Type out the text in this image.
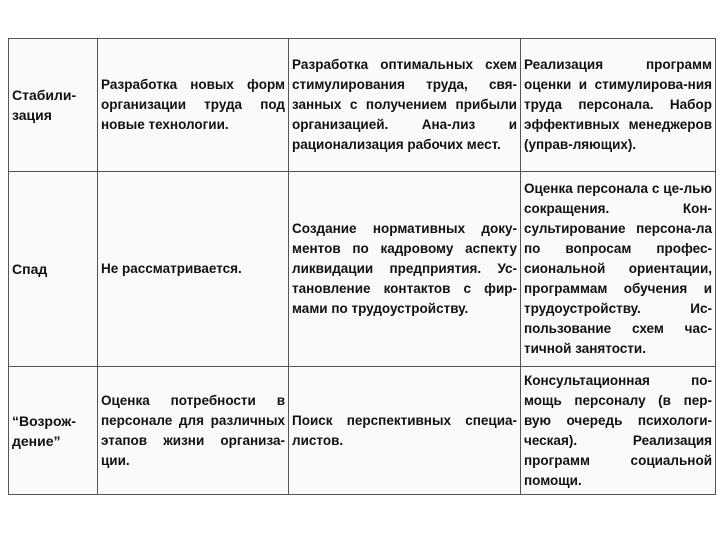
Стабили-
зация	Разработка новых форм организации труда под новые технологии.	Разработка оптимальных схем стимулирования труда, свя-занных с получением прибыли организацией. Ана-лиз и рационализация рабочих мест.	Реализация программ оценки и стимулирова-ния труда персонала. Набор эффективных менеджеров (управ-ляющих).
Спад	Не рассматривается.	Создание нормативных доку-ментов по кадровому аспекту ликвидации предприятия. Ус-тановление контактов с фир-мами по трудоустройству.	Оценка персонала с це-лью сокращения. Кон-сультирование персона-ла по вопросам профес-сиональной ориентации, программам обучения и трудоустройству. Ис-пользование схем час-тичной занятости.
“Возрож-
дение”	Оценка потребности в персонале для различных этапов жизни организа-ции.	Поиск перспективных специа-листов.	Консультационная по-мощь персоналу (в пер-вую очередь психологи-ческая). Реализация программ социальной помощи.
